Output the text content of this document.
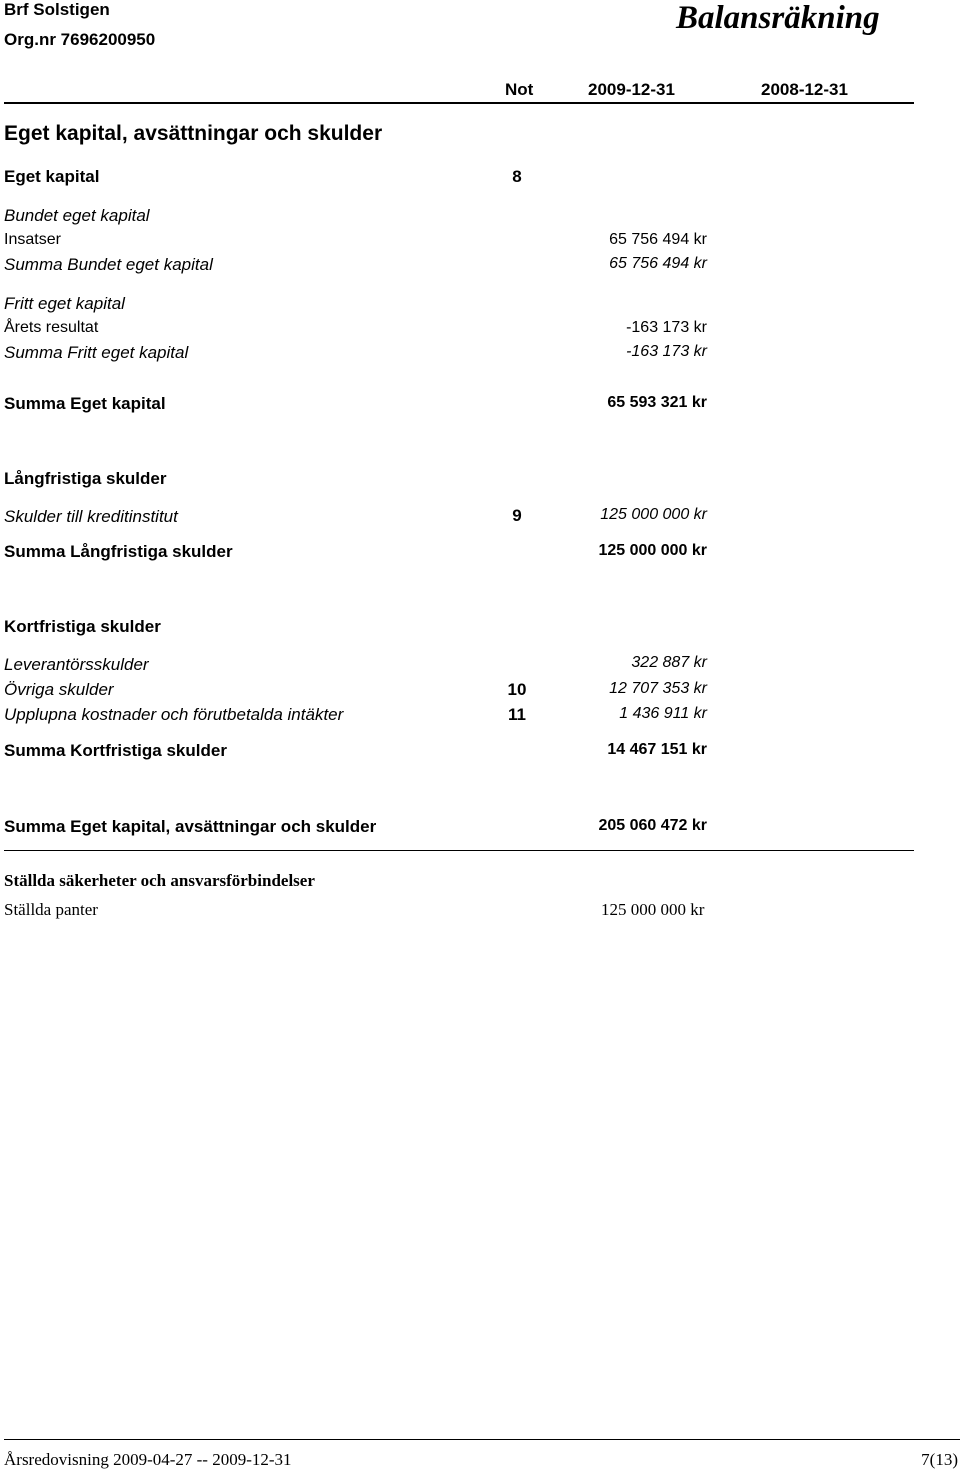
Brf Solstigen
Org.nr 7696200950
Balansräkning
Not	2009-12-31	2008-12-31
Eget kapital, avsättningar och skulder
Eget kapital	8
Bundet eget kapital
Insatser	65 756 494 kr
Summa Bundet eget kapital	65 756 494 kr
Fritt eget kapital
Årets resultat	-163 173 kr
Summa Fritt eget kapital	-163 173 kr
Summa Eget kapital	65 593 321 kr
Långfristiga skulder
Skulder till kreditinstitut	9	125 000 000 kr
Summa Långfristiga skulder	125 000 000 kr
Kortfristiga skulder
Leverantörsskulder	322 887 kr
Övriga skulder	10	12 707 353 kr
Upplupna kostnader och förutbetalda intäkter	11	1 436 911 kr
Summa Kortfristiga skulder	14 467 151 kr
Summa Eget kapital, avsättningar och skulder	205 060 472 kr
Ställda säkerheter och ansvarsförbindelser
Ställda panter	125 000 000 kr
Årsredovisning 2009-04-27 -- 2009-12-31	7(13)
